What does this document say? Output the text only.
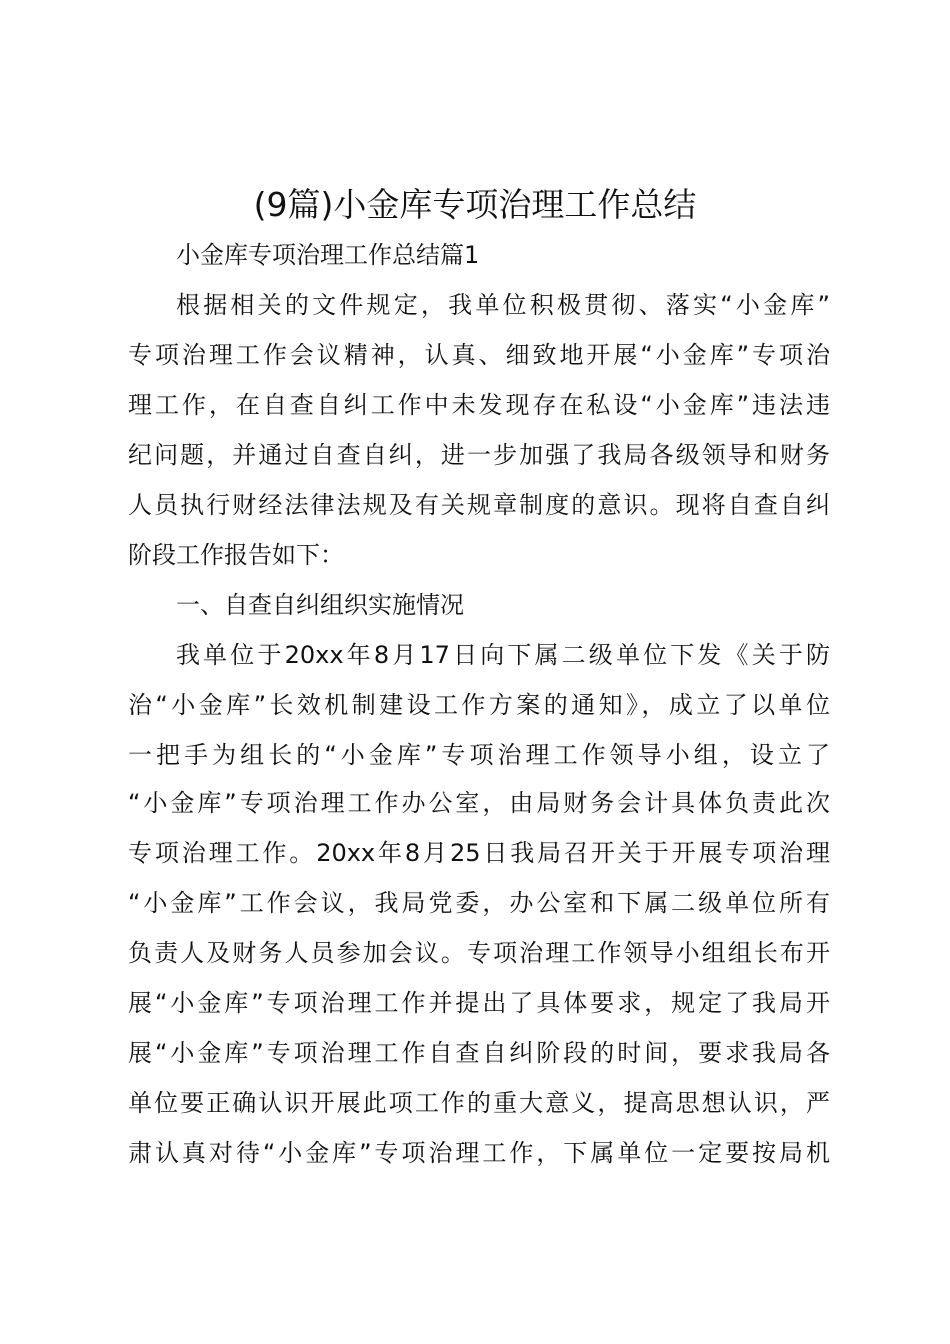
(9篇)小金库专项治理工作总结
小金库专项治理工作总结篇1
根据相关的文件规定，我单位积极贯彻、落实“小金库”
专项治理工作会议精神，认真、细致地开展“小金库”专项治
理工作，在自查自纠工作中未发现存在私设“小金库”违法违
纪问题，并通过自查自纠，进一步加强了我局各级领导和财务
人员执行财经法律法规及有关规章制度的意识。现将自查自纠
阶段工作报告如下：
一、自查自纠组织实施情况
我单位于20xx年8月17日向下属二级单位下发《关于防
治“小金库”长效机制建设工作方案的通知》，成立了以单位
一把手为组长的“小金库”专项治理工作领导小组，设立了
“小金库”专项治理工作办公室，由局财务会计具体负责此次
专项治理工作。20xx年8月25日我局召开关于开展专项治理
“小金库”工作会议，我局党委，办公室和下属二级单位所有
负责人及财务人员参加会议。专项治理工作领导小组组长布开
展“小金库”专项治理工作并提出了具体要求，规定了我局开
展“小金库”专项治理工作自查自纠阶段的时间，要求我局各
单位要正确认识开展此项工作的重大意义，提高思想认识，严
肃认真对待“小金库”专项治理工作，下属单位一定要按局机
